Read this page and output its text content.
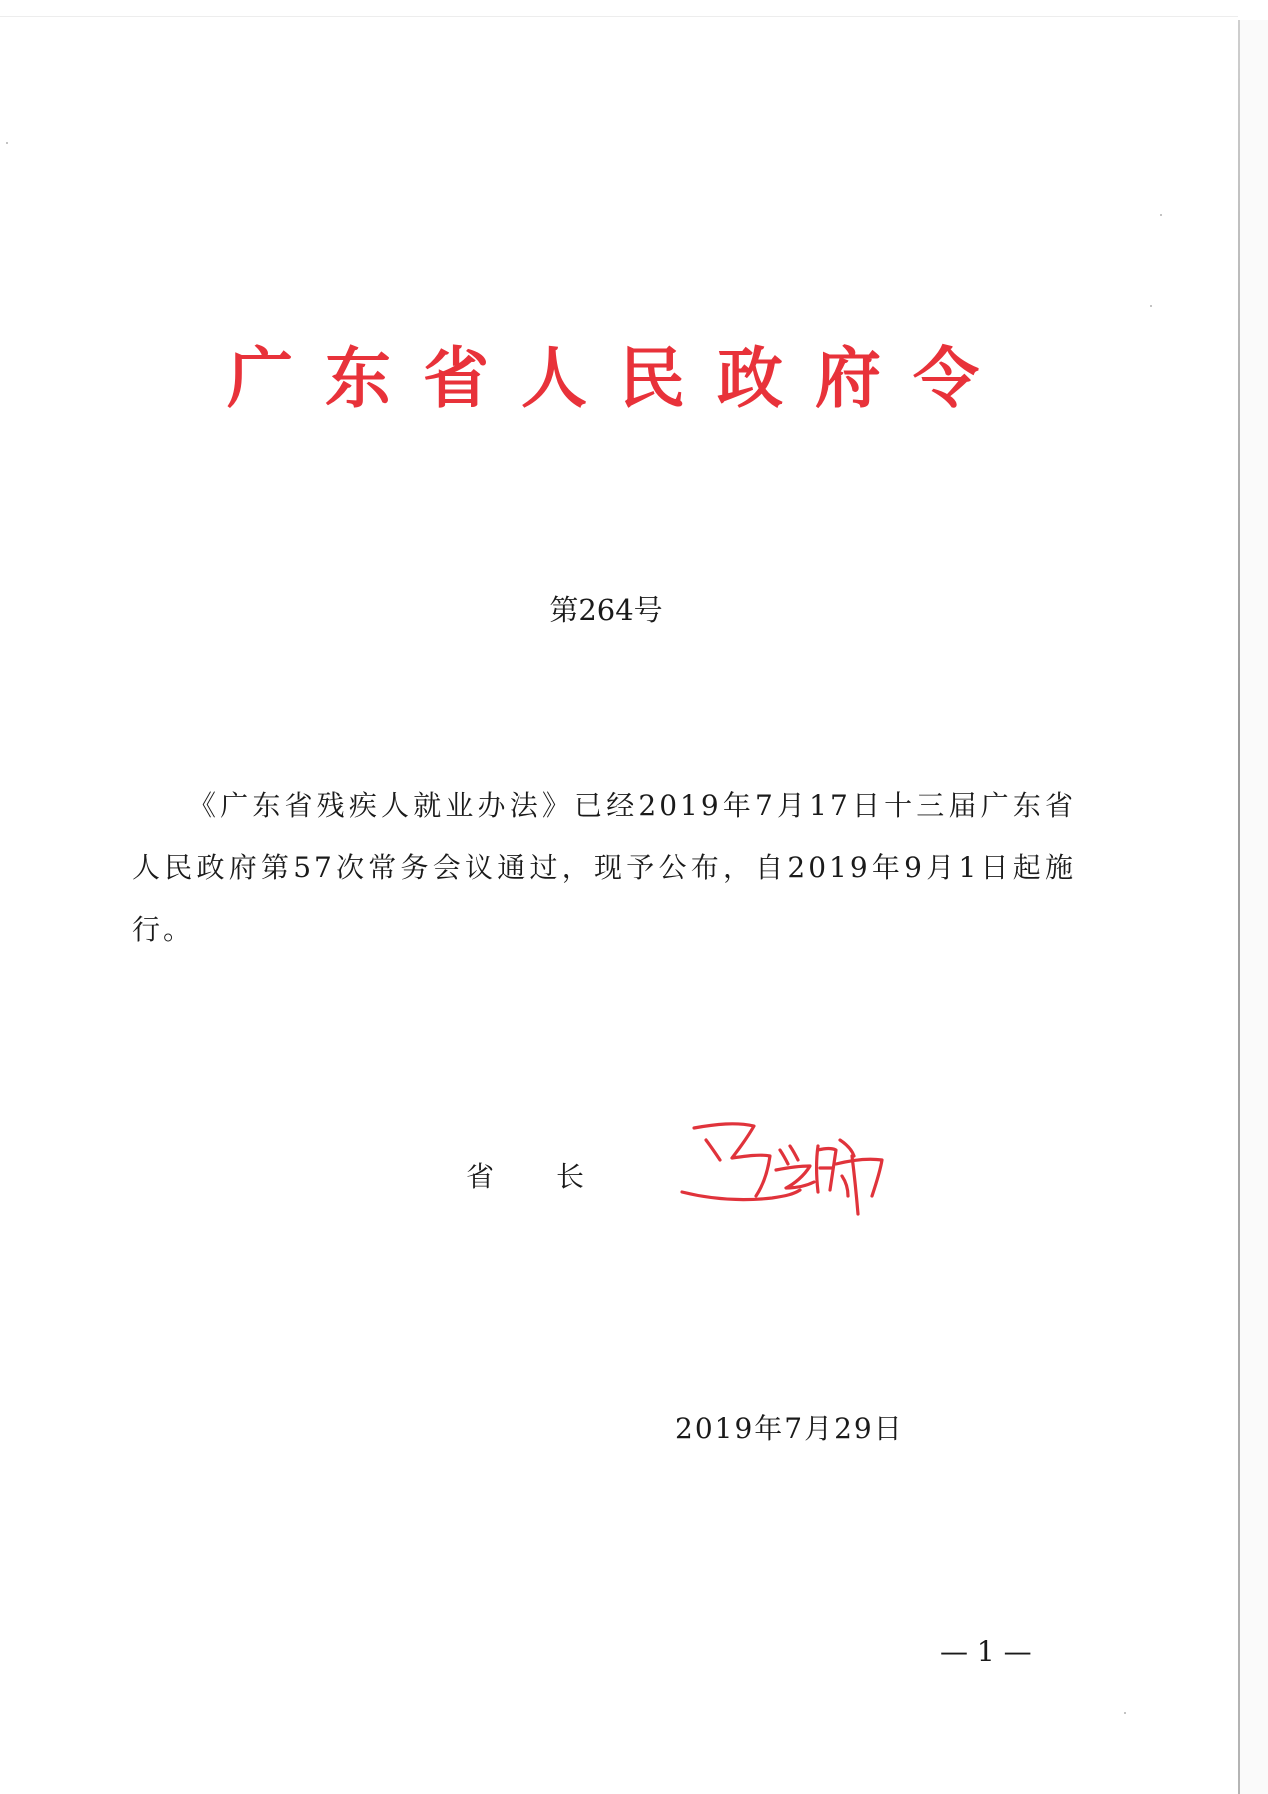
广东省人民政府令
第264号
《广东省残疾人就业办法》已经2019年7月17日十三届广东省人民政府第57次常务会议通过，现予公布，自2019年9月1日起施行。
省长
2019年7月29日
— 1 —
